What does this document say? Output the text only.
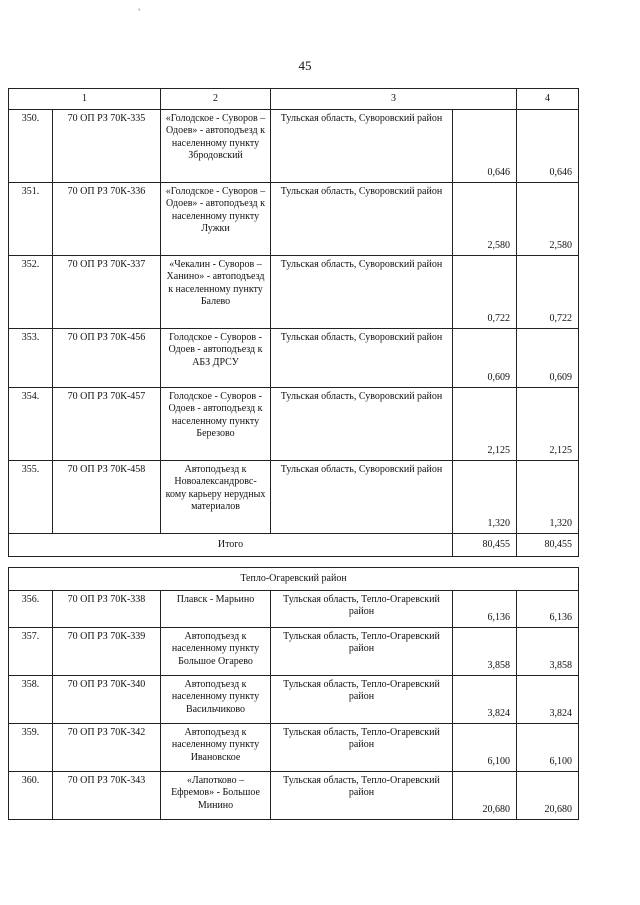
˚
45
1		2	3		4
350.	70 ОП РЗ 70К-335	«Голодское - Суворов – Одоев» - автоподъезд к населенному пункту Збродовский	Тульская область, Суворовский район	0,646	0,646
351.	70 ОП РЗ 70К-336	«Голодское - Суворов – Одоев» - автоподъезд к населенному пункту Лужки	Тульская область, Суворовский район	2,580	2,580
352.	70 ОП РЗ 70К-337	«Чекалин - Суворов – Ханино» - автоподъезд к населенному пункту Балево	Тульская область, Суворовский район	0,722	0,722
353.	70 ОП РЗ 70К-456	Голодское - Суворов - Одоев - автоподъезд к АБЗ ДРСУ	Тульская область, Суворовский район	0,609	0,609
354.	70 ОП РЗ 70К-457	Голодское - Суворов - Одоев - автоподъезд к населенному пункту Березово	Тульская область, Суворовский район	2,125	2,125
355.	70 ОП РЗ 70К-458	Автоподъезд к Новоалександровс-кому карьеру нерудных материалов	Тульская область, Суворовский район	1,320	1,320
Итого				80,455	80,455

Тепло-Огаревский район					
356.	70 ОП РЗ 70К-338	Плавск - Марьино	Тульская область, Тепло-Огаревский район	6,136	6,136
357.	70 ОП РЗ 70К-339	Автоподъезд к населенному пункту Большое Огарево	Тульская область, Тепло-Огаревский район	3,858	3,858
358.	70 ОП РЗ 70К-340	Автоподъезд к населенному пункту Васильчиково	Тульская область, Тепло-Огаревский район	3,824	3,824
359.	70 ОП РЗ 70К-342	Автоподъезд к населенному пункту Ивановское	Тульская область, Тепло-Огаревский район	6,100	6,100
360.	70 ОП РЗ 70К-343	«Лапотково – Ефремов» - Большое Минино	Тульская область, Тепло-Огаревский район	20,680	20,680
